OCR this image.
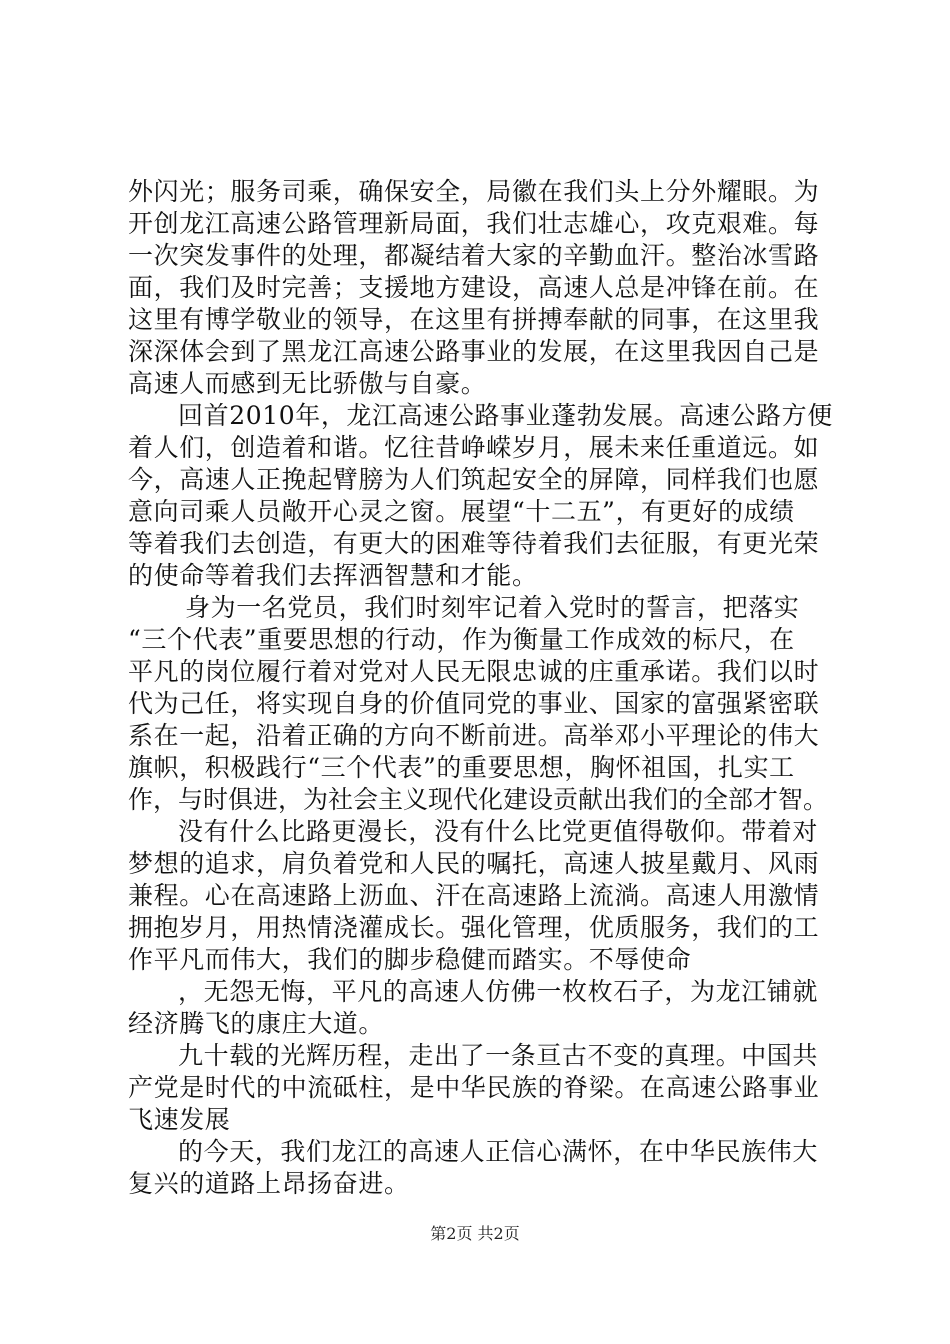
外闪光；服务司乘，确保安全，局徽在我们头上分外耀眼。为
开创龙江高速公路管理新局面，我们壮志雄心，攻克艰难。每
一次突发事件的处理，都凝结着大家的辛勤血汗。整治冰雪路
面，我们及时完善；支援地方建设，高速人总是冲锋在前。在
这里有博学敬业的领导，在这里有拼搏奉献的同事，在这里我
深深体会到了黑龙江高速公路事业的发展，在这里我因自己是
高速人而感到无比骄傲与自豪。
回首2010年，龙江高速公路事业蓬勃发展。高速公路方便
着人们，创造着和谐。忆往昔峥嵘岁月，展未来任重道远。如
今，高速人正挽起臂膀为人们筑起安全的屏障，同样我们也愿
意向司乘人员敞开心灵之窗。展望“十二五”，有更好的成绩
等着我们去创造，有更大的困难等待着我们去征服，有更光荣
的使命等着我们去挥洒智慧和才能。
身为一名党员，我们时刻牢记着入党时的誓言，把落实
“三个代表”重要思想的行动，作为衡量工作成效的标尺，在
平凡的岗位履行着对党对人民无限忠诚的庄重承诺。我们以时
代为己任，将实现自身的价值同党的事业、国家的富强紧密联
系在一起，沿着正确的方向不断前进。高举邓小平理论的伟大
旗帜，积极践行“三个代表”的重要思想，胸怀祖国，扎实工
作，与时俱进，为社会主义现代化建设贡献出我们的全部才智。
没有什么比路更漫长，没有什么比党更值得敬仰。带着对
梦想的追求，肩负着党和人民的嘱托，高速人披星戴月、风雨
兼程。心在高速路上沥血、汗在高速路上流淌。高速人用激情
拥抱岁月，用热情浇灌成长。强化管理，优质服务，我们的工
作平凡而伟大，我们的脚步稳健而踏实。不辱使命
，无怨无悔，平凡的高速人仿佛一枚枚石子，为龙江铺就
经济腾飞的康庄大道。
九十载的光辉历程，走出了一条亘古不变的真理。中国共
产党是时代的中流砥柱，是中华民族的脊梁。在高速公路事业
飞速发展
的今天，我们龙江的高速人正信心满怀，在中华民族伟大
复兴的道路上昂扬奋进。
第2页 共2页
